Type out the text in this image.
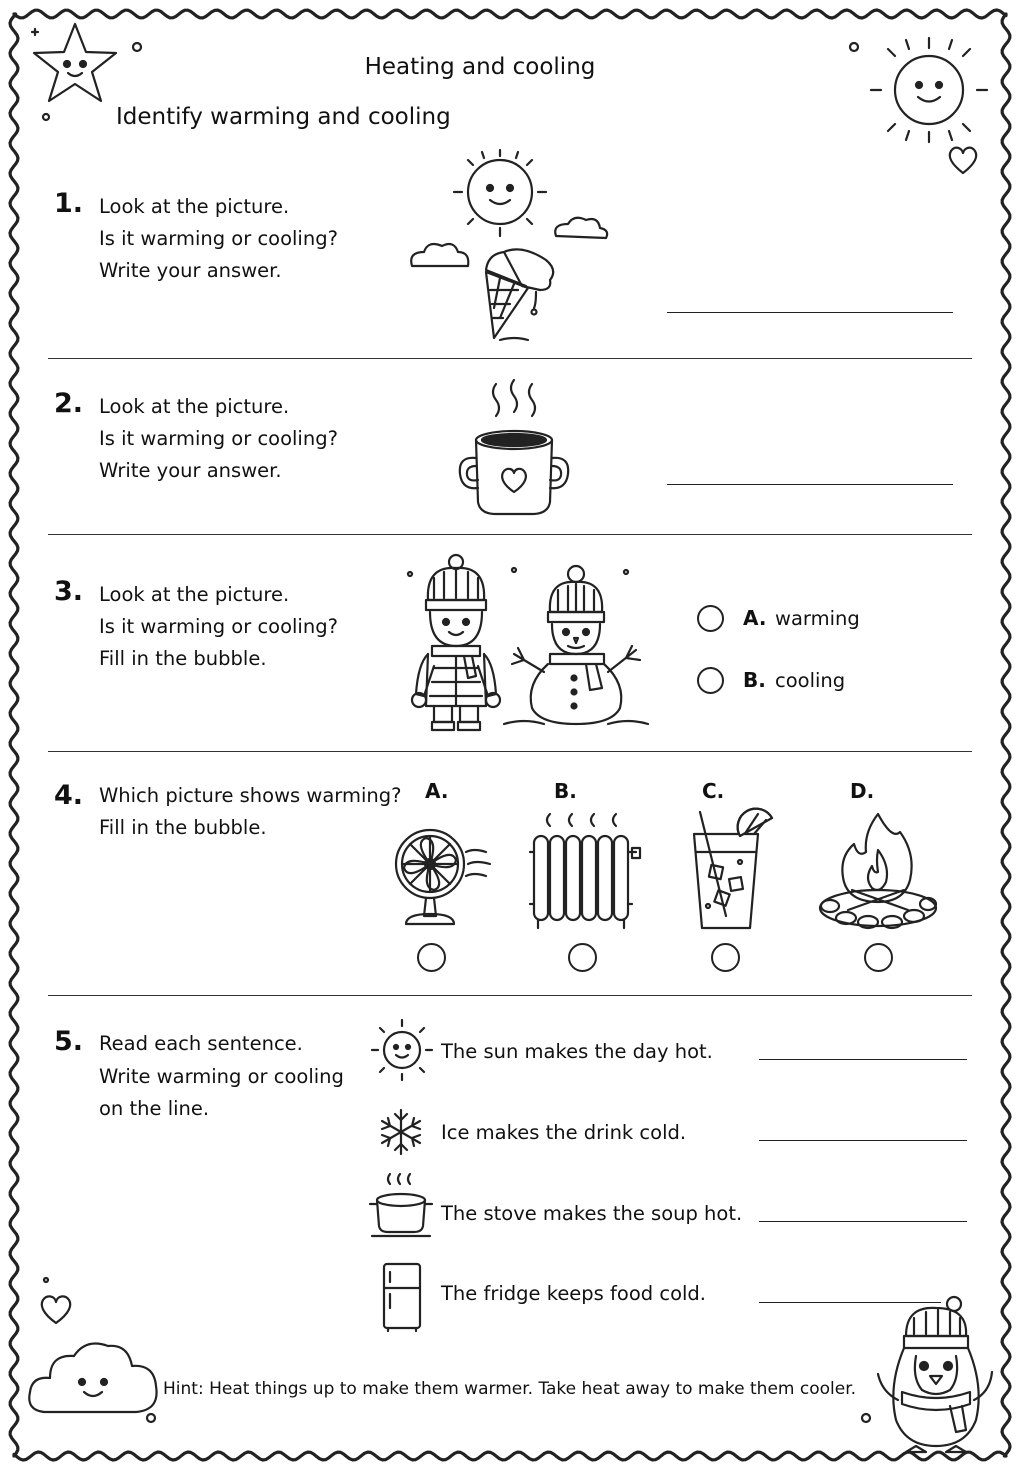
Heating and cooling
Identify warming and cooling
1. Look at the picture.
Is it warming or cooling?
Write your answer.
2. Look at the picture.
Is it warming or cooling?
Write your answer.
3. Look at the picture.
Is it warming or cooling?
Fill in the bubble.
A. warming
B. cooling
4. Which picture shows warming?
Fill in the bubble.
A.	B.	C.	D.
5. Read each sentence.
Write warming or cooling
on the line.
The sun makes the day hot.
Ice makes the drink cold.
The stove makes the soup hot.
The fridge keeps food cold.
Hint: Heat things up to make them warmer. Take heat away to make them cooler.
